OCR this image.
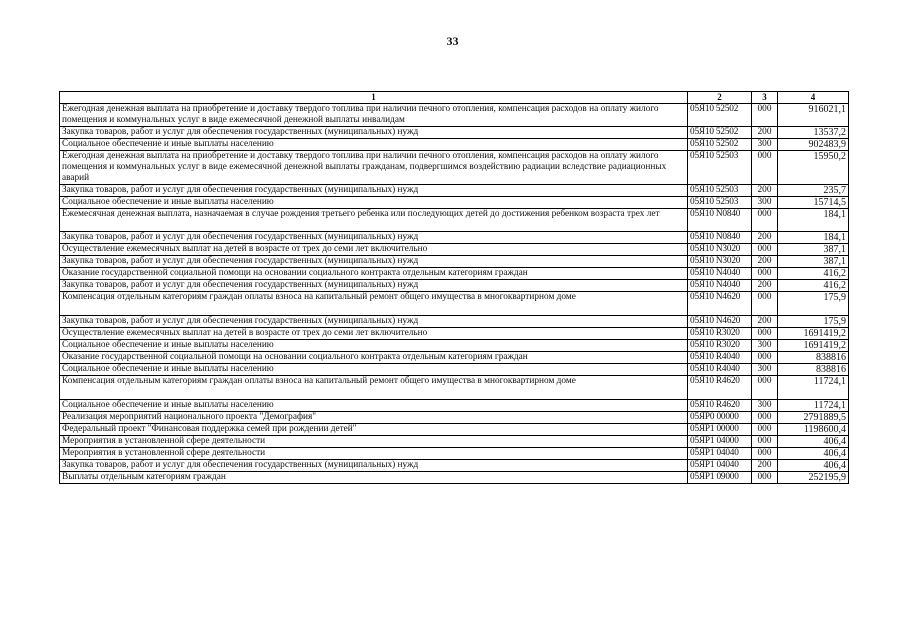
33
1	2	3	4
Ежегодная денежная выплата на приобретение и доставку твердого топлива при наличии печного отопления, компенсация расходов на оплату жилого помещения и коммунальных услуг в виде ежемесячной денежной выплаты инвалидам	05Я10 52502	000	916021,1
Закупка товаров, работ и услуг для обеспечения государственных (муниципальных) нужд	05Я10 52502	200	13537,2
Социальное обеспечение и иные выплаты населению	05Я10 52502	300	902483,9
Ежегодная денежная выплата на приобретение и доставку твердого топлива при наличии печного отопления, компенсация расходов на оплату жилого помещения и коммунальных услуг в виде ежемесячной денежной выплаты гражданам, подвергшимся воздействию радиации вследствие радиационных аварий	05Я10 52503	000	15950,2
Закупка товаров, работ и услуг для обеспечения государственных (муниципальных) нужд	05Я10 52503	200	235,7
Социальное обеспечение и иные выплаты населению	05Я10 52503	300	15714,5
Ежемесячная денежная выплата, назначаемая в случае рождения третьего ребенка или последующих детей до достижения ребенком возраста трех лет	05Я10 N0840	000	184,1
Закупка товаров, работ и услуг для обеспечения государственных (муниципальных) нужд	05Я10 N0840	200	184,1
Осуществление ежемесячных выплат на детей в возрасте от трех до семи лет включительно	05Я10 N3020	000	387,1
Закупка товаров, работ и услуг для обеспечения государственных (муниципальных) нужд	05Я10 N3020	200	387,1
Оказание государственной социальной помощи на основании социального контракта отдельным категориям граждан	05Я10 N4040	000	416,2
Закупка товаров, работ и услуг для обеспечения государственных (муниципальных) нужд	05Я10 N4040	200	416,2
Компенсация отдельным категориям граждан оплаты взноса на капитальный ремонт общего имущества в многоквартирном доме	05Я10 N4620	000	175,9
Закупка товаров, работ и услуг для обеспечения государственных (муниципальных) нужд	05Я10 N4620	200	175,9
Осуществление ежемесячных выплат на детей в возрасте от трех до семи лет включительно	05Я10 R3020	000	1691419,2
Социальное обеспечение и иные выплаты населению	05Я10 R3020	300	1691419,2
Оказание государственной социальной помощи на основании социального контракта отдельным категориям граждан	05Я10 R4040	000	838816
Социальное обеспечение и иные выплаты населению	05Я10 R4040	300	838816
Компенсация отдельным категориям граждан оплаты взноса на капитальный ремонт общего имущества в многоквартирном доме	05Я10 R4620	000	11724,1
Социальное обеспечение и иные выплаты населению	05Я10 R4620	300	11724,1
Реализация мероприятий национального проекта "Демография"	05ЯР0 00000	000	2791889,5
Федеральный проект "Финансовая поддержка семей при рождении детей"	05ЯР1 00000	000	1198600,4
Мероприятия в установленной сфере деятельности	05ЯР1 04000	000	406,4
Мероприятия в установленной сфере деятельности	05ЯР1 04040	000	406,4
Закупка товаров, работ и услуг для обеспечения государственных (муниципальных) нужд	05ЯР1 04040	200	406,4
Выплаты отдельным категориям граждан	05ЯР1 09000	000	252195,9
